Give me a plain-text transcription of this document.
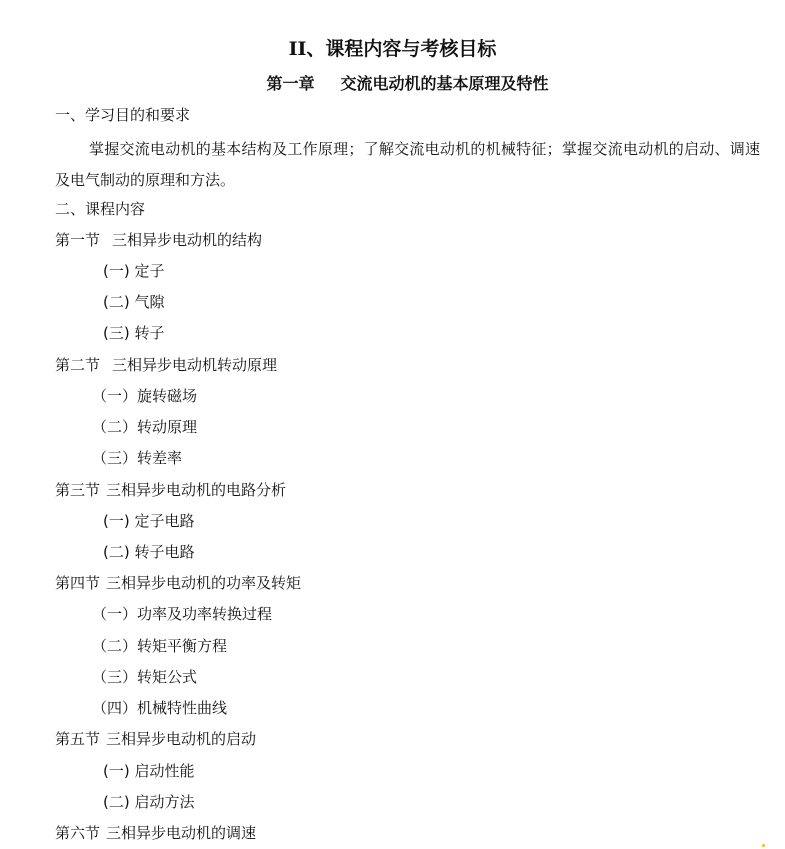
II、课程内容与考核目标
第一章 交流电动机的基本原理及特性
一、学习目的和要求
掌握交流电动机的基本结构及工作原理；了解交流电动机的机械特征；掌握交流电动机的启动、调速及电气制动的原理和方法。
二、课程内容
第一节 三相异步电动机的结构
(一) 定子
(二) 气隙
(三) 转子
第二节 三相异步电动机转动原理
（一）旋转磁场
（二）转动原理
（三）转差率
第三节 三相异步电动机的电路分析
(一) 定子电路
(二) 转子电路
第四节 三相异步电动机的功率及转矩
（一）功率及功率转换过程
（二）转矩平衡方程
（三）转矩公式
（四）机械特性曲线
第五节 三相异步电动机的启动
(一) 启动性能
(二) 启动方法
第六节 三相异步电动机的调速
